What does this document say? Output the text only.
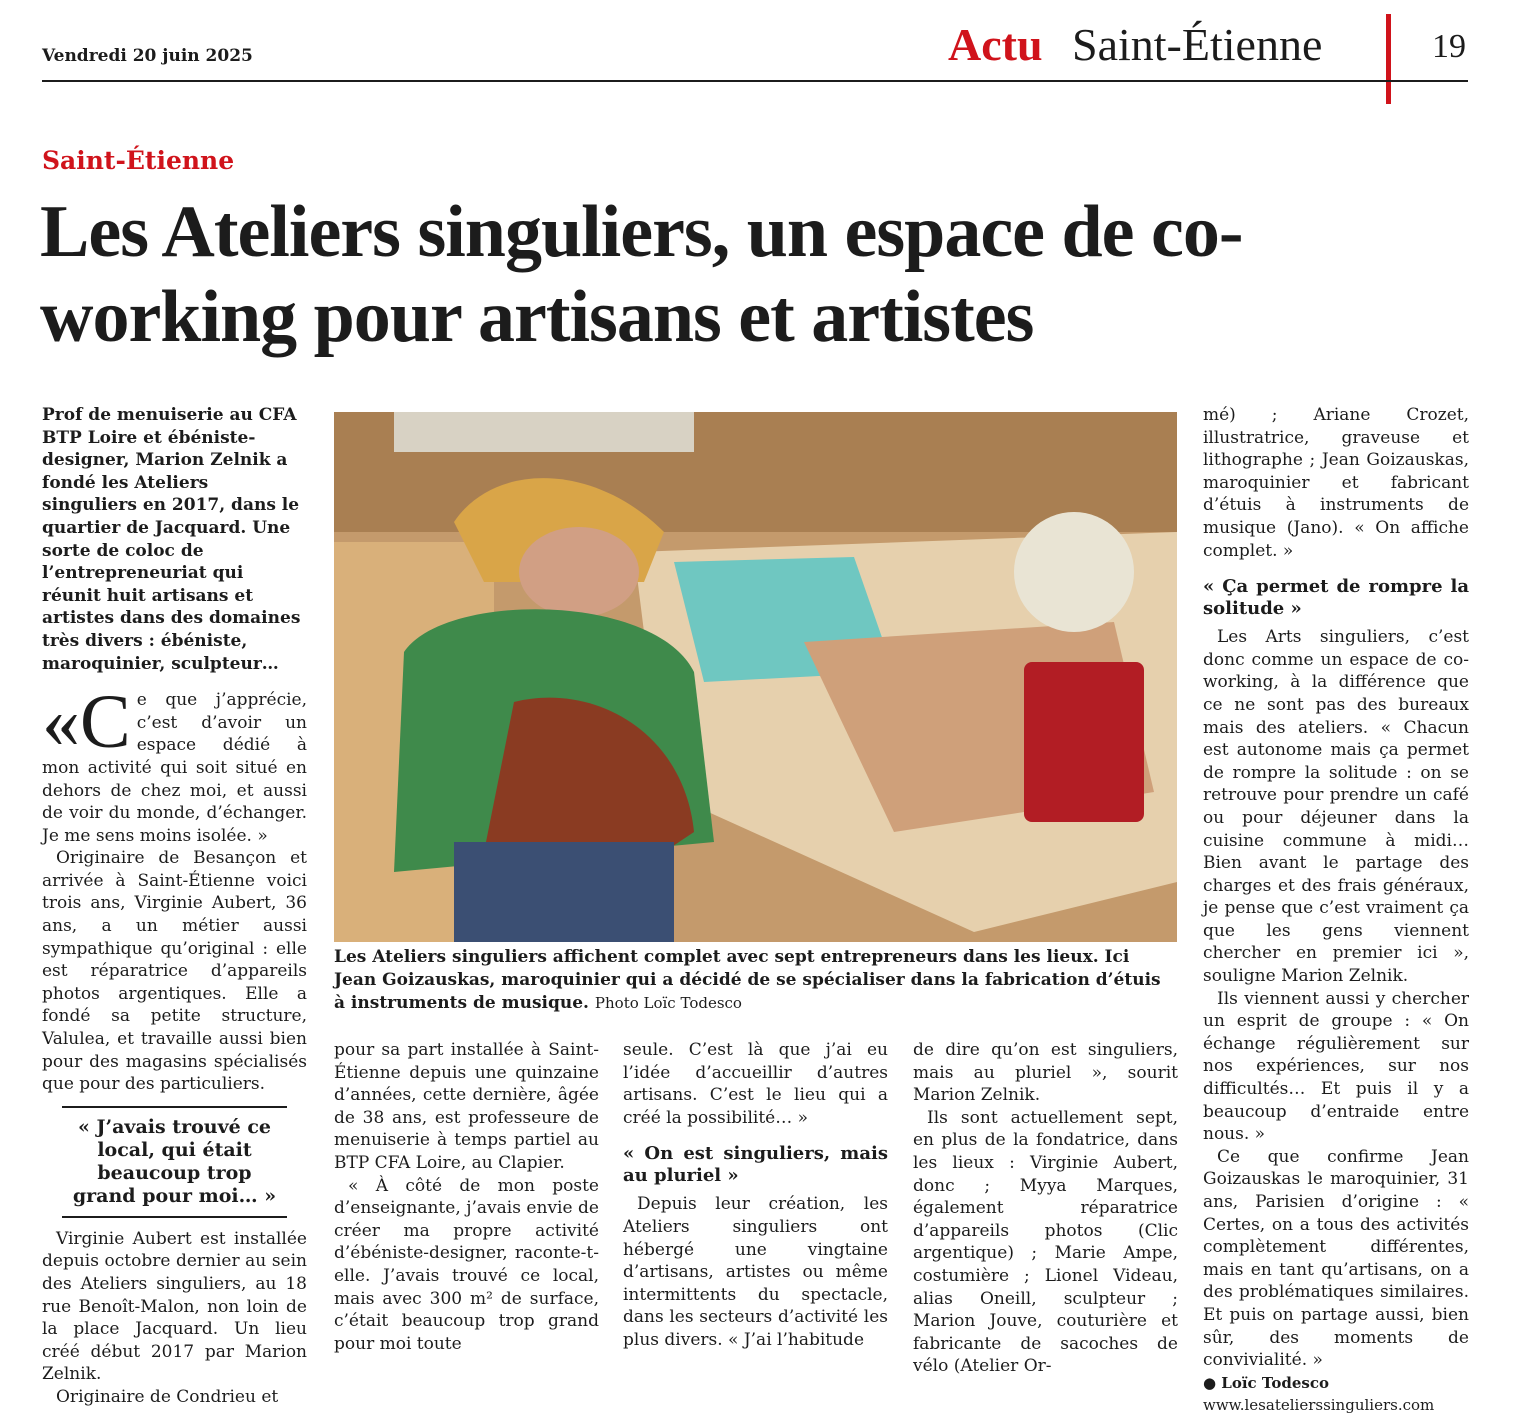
Vendredi 20 juin 2025	Actu Saint-Étienne	19
Saint-Étienne
Les Ateliers singuliers, un espace de co-working pour artisans et artistes

Prof de menuiserie au CFA BTP Loire et ébéniste-designer, Marion Zelnik a fondé les Ateliers singuliers en 2017, dans le quartier de Jacquard. Une sorte de coloc de l’entrepreneuriat qui réunit huit artisans et artistes dans des domaines très divers : ébéniste, maroquinier, sculpteur…

«C e que j’apprécie, c’est d’avoir un espace dédié à mon activité qui soit situé en dehors de chez moi, et aussi de voir du monde, d’échanger. Je me sens moins isolée. »

Originaire de Besançon et arrivée à Saint-Étienne voici trois ans, Virginie Aubert, 36 ans, a un métier aussi sympathique qu’original : elle est réparatrice d’appareils photos argentiques. Elle a fondé sa petite structure, Valulea, et travaille aussi bien pour des magasins spécialisés que pour des particuliers.

« J’avais trouvé ce local, qui était beaucoup trop grand pour moi… »

Virginie Aubert est installée depuis octobre dernier au sein des Ateliers singuliers, au 18 rue Benoît-Malon, non loin de la place Jacquard. Un lieu créé début 2017 par Marion Zelnik.

Originaire de Condrieu et

Les Ateliers singuliers affichent complet avec sept entrepreneurs dans les lieux. Ici Jean Goizauskas, maroquinier qui a décidé de se spécialiser dans la fabrication d’étuis à instruments de musique. Photo Loïc Todesco

pour sa part installée à Saint-Étienne depuis une quinzaine d’années, cette dernière, âgée de 38 ans, est professeure de menuiserie à temps partiel au BTP CFA Loire, au Clapier.

« À côté de mon poste d’enseignante, j’avais envie de créer ma propre activité d’ébéniste-designer, raconte-t-elle. J’avais trouvé ce local, mais avec 300 m² de surface, c’était beaucoup trop grand pour moi toute

seule. C’est là que j’ai eu l’idée d’accueillir d’autres artisans. C’est le lieu qui a créé la possibilité… »

« On est singuliers, mais au pluriel »

Depuis leur création, les Ateliers singuliers ont hébergé une vingtaine d’artisans, artistes ou même intermittents du spectacle, dans les secteurs d’activité les plus divers. « J’ai l’habitude

de dire qu’on est singuliers, mais au pluriel », sourit Marion Zelnik.

Ils sont actuellement sept, en plus de la fondatrice, dans les lieux : Virginie Aubert, donc ; Myya Marques, également réparatrice d’appareils photos (Clic argentique) ; Marie Ampe, costumière ; Lionel Videau, alias Oneill, sculpteur ; Marion Jouve, couturière et fabricante de sacoches de vélo (Atelier Or-

mé) ; Ariane Crozet, illustratrice, graveuse et lithographe ; Jean Goizauskas, maroquinier et fabricant d’étuis à instruments de musique (Jano). « On affiche complet. »

« Ça permet de rompre la solitude »

Les Arts singuliers, c’est donc comme un espace de co-working, à la différence que ce ne sont pas des bureaux mais des ateliers. « Chacun est autonome mais ça permet de rompre la solitude : on se retrouve pour prendre un café ou pour déjeuner dans la cuisine commune à midi… Bien avant le partage des charges et des frais généraux, je pense que c’est vraiment ça que les gens viennent chercher en premier ici », souligne Marion Zelnik.

Ils viennent aussi y chercher un esprit de groupe : « On échange régulièrement sur nos expériences, sur nos difficultés… Et puis il y a beaucoup d’entraide entre nous. »

Ce que confirme Jean Goizauskas le maroquinier, 31 ans, Parisien d’origine : « Certes, on a tous des activités complètement différentes, mais en tant qu’artisans, on a des problématiques similaires. Et puis on partage aussi, bien sûr, des moments de convivialité. »

● Loïc Todesco
www.lesatelierssinguliers.com
